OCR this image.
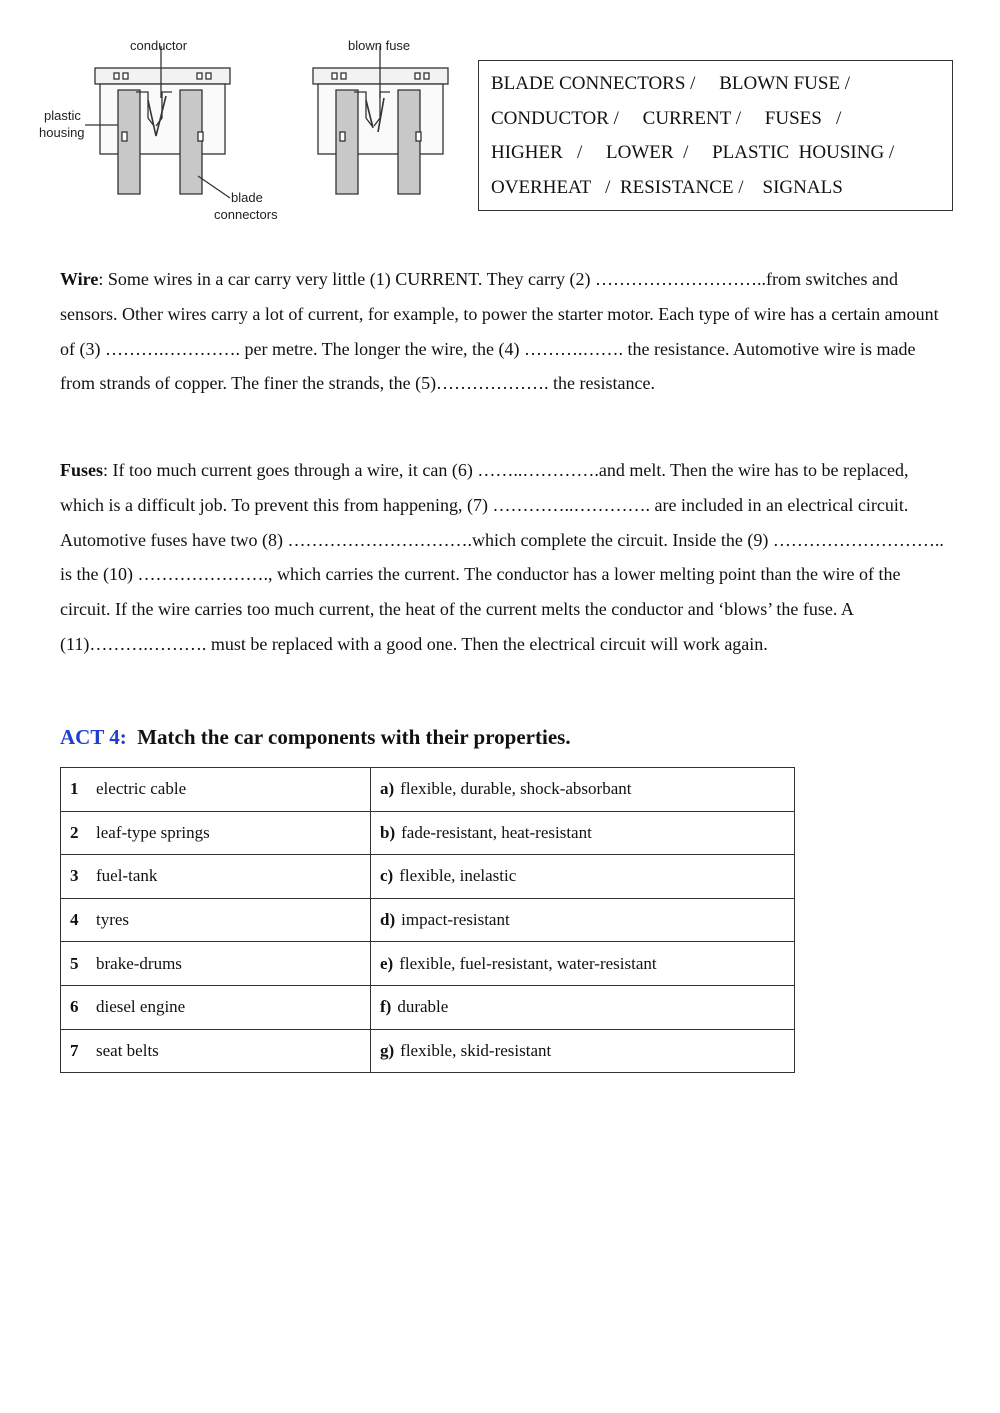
conductor	blown fuse
plastic
housing
blade
connectors
BLADE CONNECTORS /     BLOWN FUSE /
CONDUCTOR /     CURRENT /     FUSES   /
HIGHER   /     LOWER  /     PLASTIC  HOUSING /
OVERHEAT   /  RESISTANCE /    SIGNALS
Wire: Some wires in a car carry very little (1) CURRENT. They carry (2) ………………………..from switches and sensors. Other wires carry a lot of current, for example, to power the starter motor. Each type of wire has a certain amount of (3) ……….…………. per metre. The longer the wire, the (4) ……….……. the resistance. Automotive wire is made from strands of copper. The finer the strands, the (5)………………. the resistance.
Fuses: If too much current goes through a wire, it can (6) ……..………….and melt. Then the wire has to be replaced, which is a difficult job. To prevent this from happening, (7) …………..…………. are included in an electrical circuit. Automotive fuses have two (8) ………………………….which complete the circuit. Inside the (9) ……………………….. is the (10) …………………., which carries the current. The conductor has a lower melting point than the wire of the circuit. If the wire carries too much current, the heat of the current melts the conductor and ‘blows’ the fuse. A (11)……….………. must be replaced with a good one. Then the electrical circuit will work again.
ACT 4: Match the car components with their properties.
1 electric cable	a) flexible, durable, shock-absorbant
2 leaf-type springs	b) fade-resistant, heat-resistant
3 fuel-tank	c) flexible, inelastic
4 tyres	d) impact-resistant
5 brake-drums	e) flexible, fuel-resistant, water-resistant
6 diesel engine	f) durable
7 seat belts	g) flexible, skid-resistant
